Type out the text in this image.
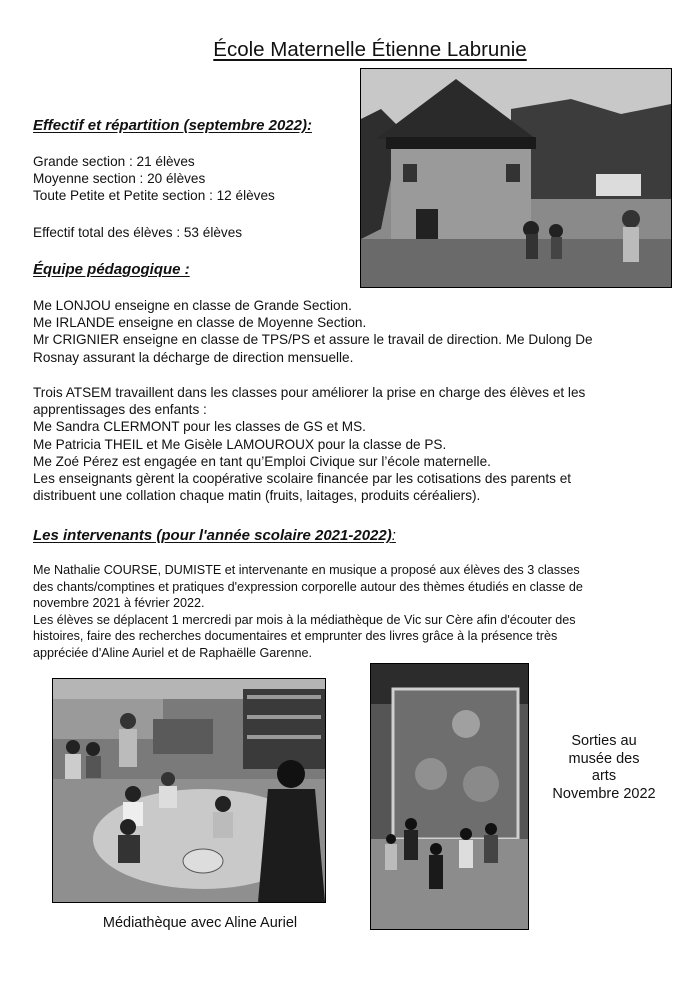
École Maternelle Étienne Labrunie
Effectif et répartition (septembre 2022):
Grande section : 21 élèves
Moyenne section : 20 élèves
Toute Petite et Petite section : 12 élèves
Effectif total des élèves : 53 élèves
Équipe pédagogique :
Me LONJOU enseigne en classe de Grande Section.
Me IRLANDE enseigne en classe de Moyenne Section.
Mr CRIGNIER enseigne en classe de TPS/PS et assure le travail de direction. Me Dulong De
Rosnay assurant la décharge de direction mensuelle.
Trois ATSEM travaillent dans les classes pour améliorer la prise en charge des élèves et les
apprentissages des enfants :
Me Sandra CLERMONT pour les classes de GS et MS.
Me Patricia THEIL et Me Gisèle LAMOUROUX pour la classe de PS.
Me Zoé Pérez est engagée en tant qu’Emploi Civique sur l’école maternelle.
Les enseignants gèrent la coopérative scolaire financée par les cotisations des parents et
distribuent une collation chaque matin (fruits, laitages, produits céréaliers).
Les intervenants (pour l'année scolaire 2021-2022):
Me Nathalie COURSE, DUMISTE et intervenante en musique a proposé aux élèves des 3 classes
des chants/comptines et pratiques d'expression corporelle autour des thèmes étudiés en classe de
novembre 2021 à février 2022.
Les élèves se déplacent 1 mercredi par mois à la médiathèque de Vic sur Cère afin d'écouter des
histoires, faire des recherches documentaires et emprunter des livres grâce à la présence très
appréciée d'Aline Auriel et de Raphaëlle Garenne.
Médiathèque avec Aline Auriel
Sorties au
musée des
arts
Novembre 2022
